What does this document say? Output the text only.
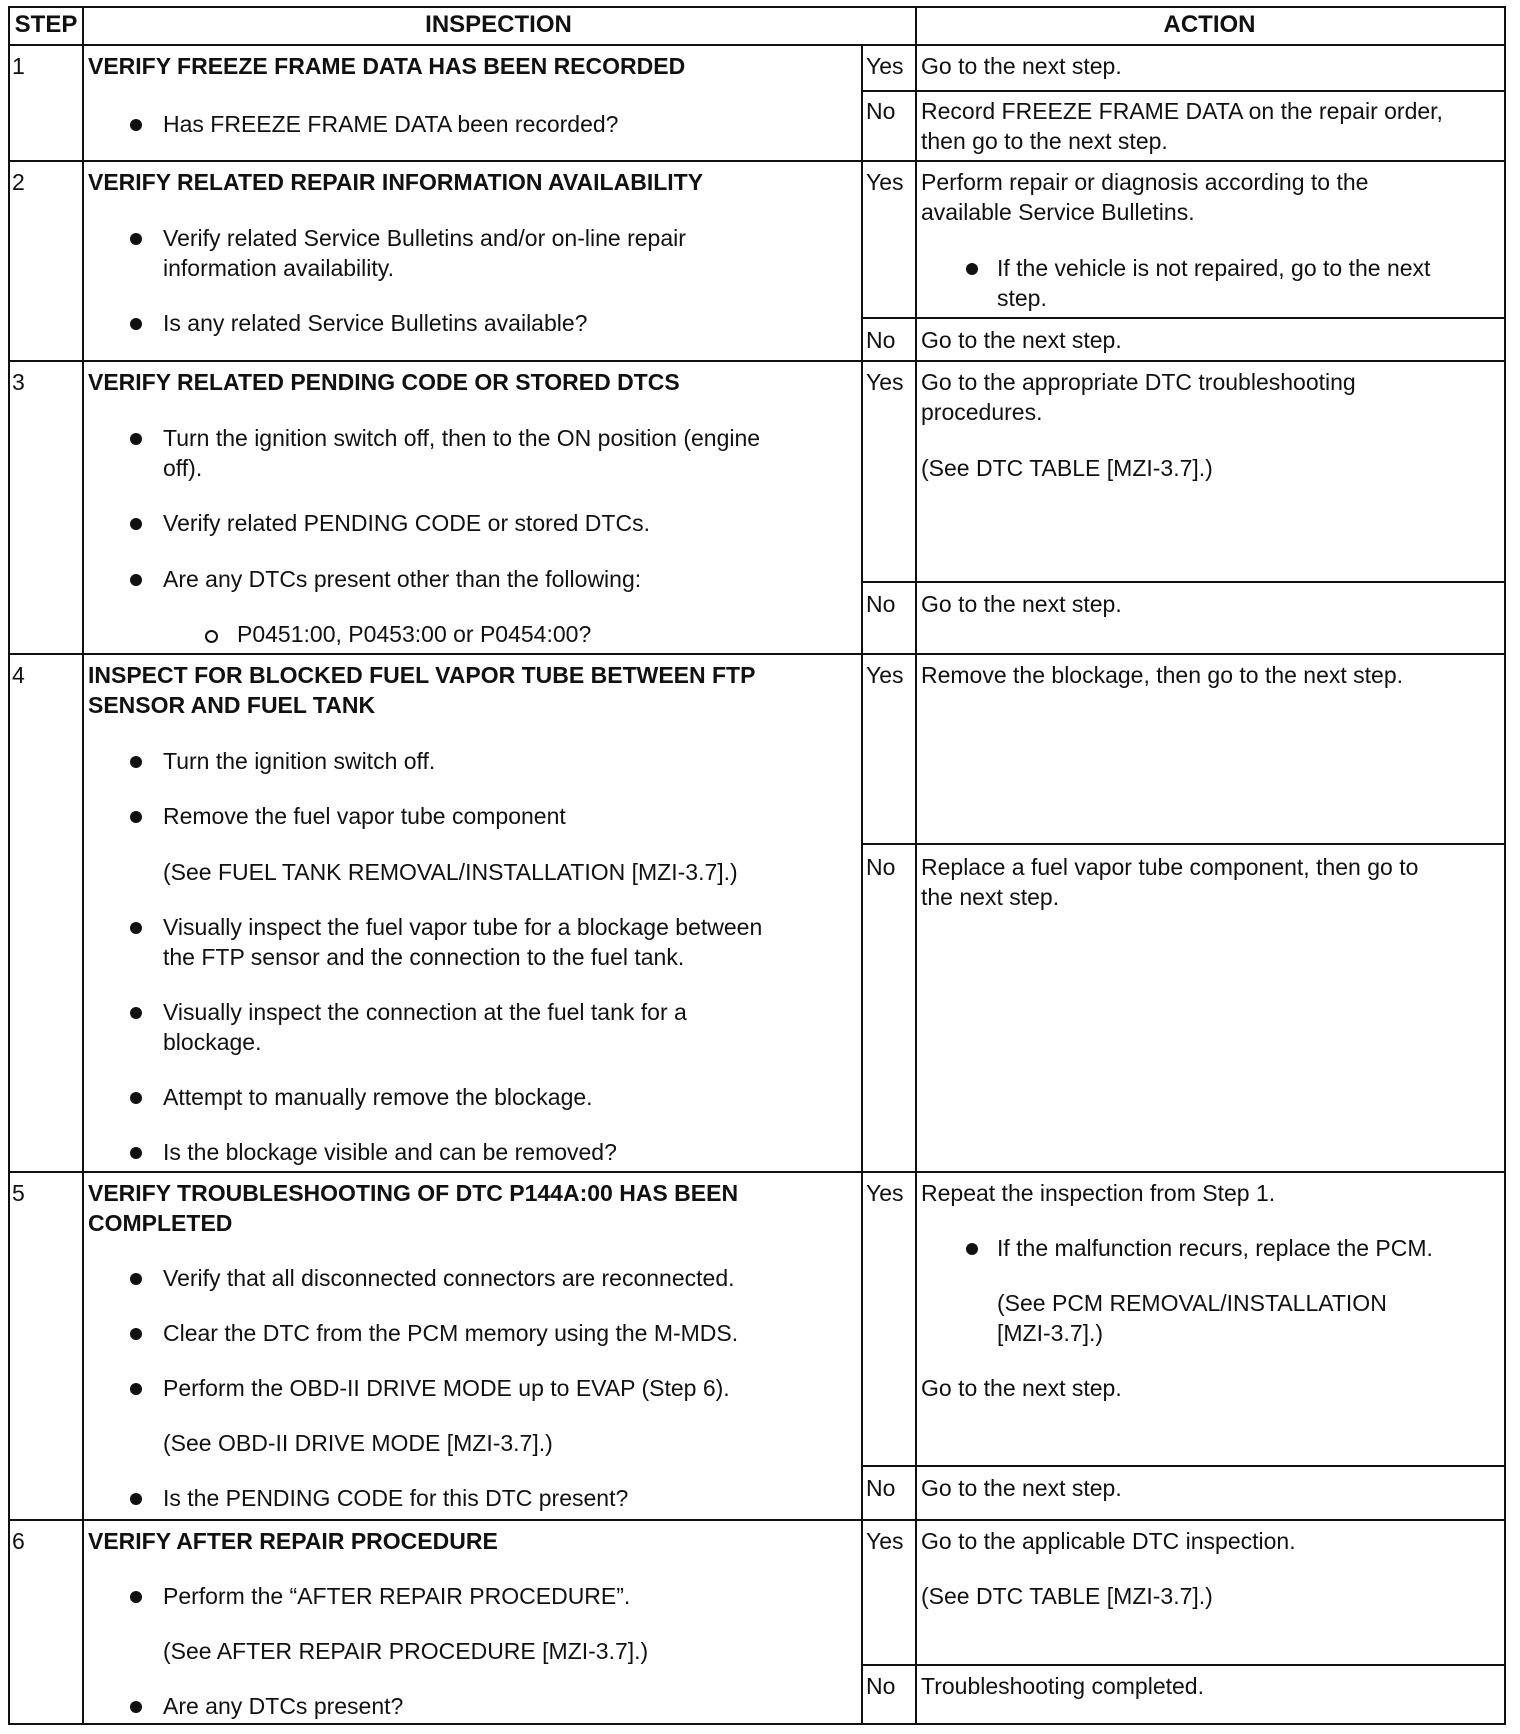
STEP	INSPECTION	ACTION
1	VERIFY FREEZE FRAME DATA HAS BEEN RECORDED
Has FREEZE FRAME DATA been recorded?
Yes Go to the next step.
No Record FREEZE FRAME DATA on the repair order,
then go to the next step.
2	VERIFY RELATED REPAIR INFORMATION AVAILABILITY
Verify related Service Bulletins and/or on-line repair
information availability.
Is any related Service Bulletins available?
Yes Perform repair or diagnosis according to the
available Service Bulletins.
If the vehicle is not repaired, go to the next
step.
No Go to the next step.
3	VERIFY RELATED PENDING CODE OR STORED DTCS
Turn the ignition switch off, then to the ON position (engine
off).
Verify related PENDING CODE or stored DTCs.
Are any DTCs present other than the following:
P0451:00, P0453:00 or P0454:00?
Yes Go to the appropriate DTC troubleshooting
procedures.
(See DTC TABLE [MZI-3.7].)
No Go to the next step.
4	INSPECT FOR BLOCKED FUEL VAPOR TUBE BETWEEN FTP
SENSOR AND FUEL TANK
Turn the ignition switch off.
Remove the fuel vapor tube component
(See FUEL TANK REMOVAL/INSTALLATION [MZI-3.7].)
Visually inspect the fuel vapor tube for a blockage between
the FTP sensor and the connection to the fuel tank.
Visually inspect the connection at the fuel tank for a
blockage.
Attempt to manually remove the blockage.
Is the blockage visible and can be removed?
Yes Remove the blockage, then go to the next step.
No Replace a fuel vapor tube component, then go to
the next step.
5	VERIFY TROUBLESHOOTING OF DTC P144A:00 HAS BEEN
COMPLETED
Verify that all disconnected connectors are reconnected.
Clear the DTC from the PCM memory using the M-MDS.
Perform the OBD-II DRIVE MODE up to EVAP (Step 6).
(See OBD-II DRIVE MODE [MZI-3.7].)
Is the PENDING CODE for this DTC present?
Yes Repeat the inspection from Step 1.
If the malfunction recurs, replace the PCM.
(See PCM REMOVAL/INSTALLATION
[MZI-3.7].)
Go to the next step.
No Go to the next step.
6	VERIFY AFTER REPAIR PROCEDURE
Perform the “AFTER REPAIR PROCEDURE”.
(See AFTER REPAIR PROCEDURE [MZI-3.7].)
Are any DTCs present?
Yes Go to the applicable DTC inspection.
(See DTC TABLE [MZI-3.7].)
No Troubleshooting completed.
